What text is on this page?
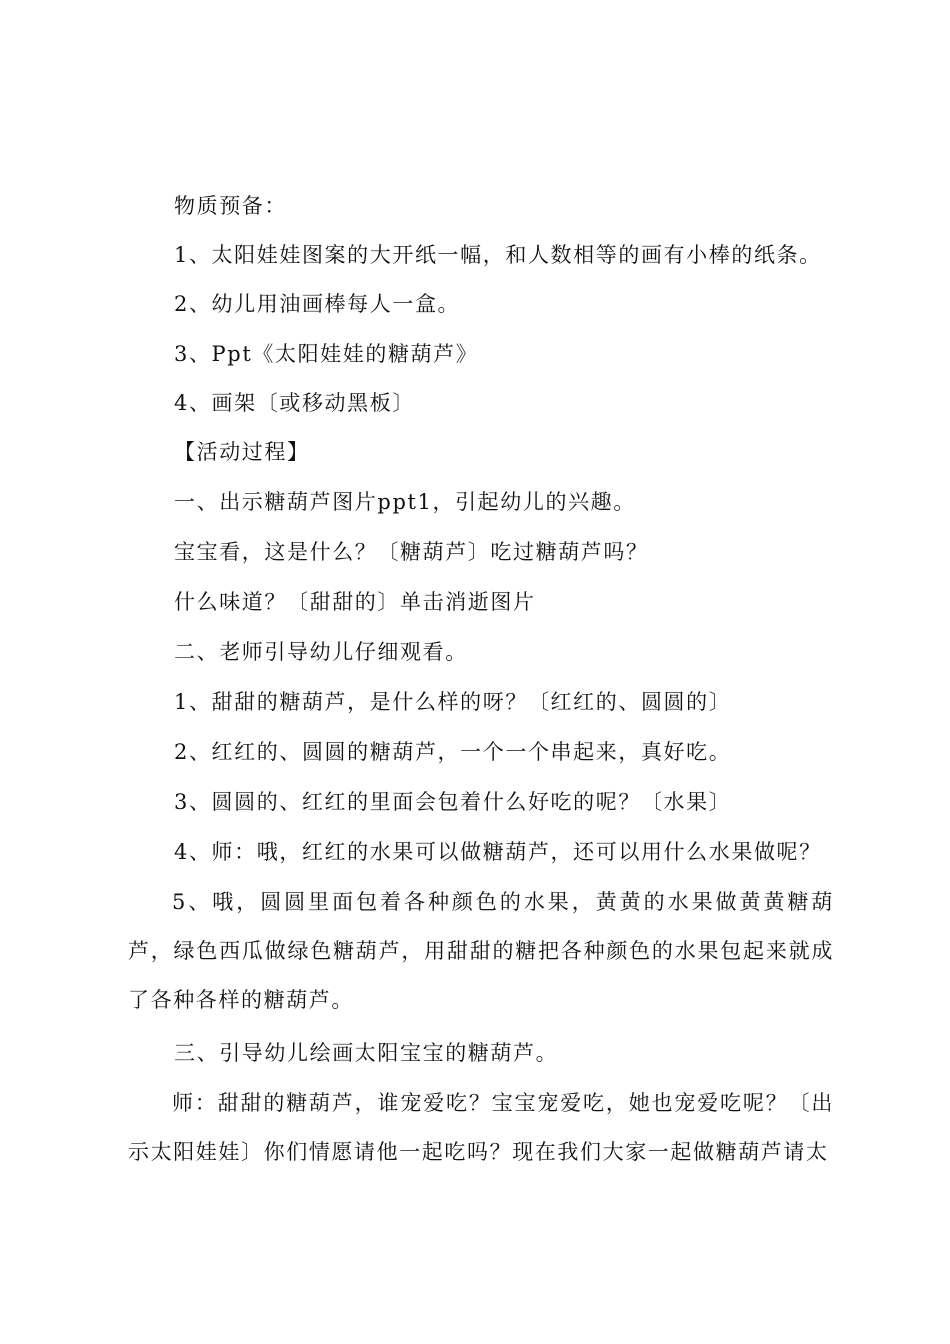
物质预备：
1、太阳娃娃图案的大开纸一幅，和人数相等的画有小棒的纸条。
2、幼儿用油画棒每人一盒。
3、Ppt《太阳娃娃的糖葫芦》
4、画架〔或移动黑板〕
【活动过程】
一、出示糖葫芦图片ppt1，引起幼儿的兴趣。
宝宝看，这是什么？〔糖葫芦〕吃过糖葫芦吗？
什么味道？〔甜甜的〕单击消逝图片
二、老师引导幼儿仔细观看。
1、甜甜的糖葫芦，是什么样的呀？〔红红的、圆圆的〕
2、红红的、圆圆的糖葫芦，一个一个串起来，真好吃。
3、圆圆的、红红的里面会包着什么好吃的呢？〔水果〕
4、师：哦，红红的水果可以做糖葫芦，还可以用什么水果做呢？
5、哦，圆圆里面包着各种颜色的水果，黄黄的水果做黄黄糖葫芦，绿色西瓜做绿色糖葫芦，用甜甜的糖把各种颜色的水果包起来就成了各种各样的糖葫芦。
三、引导幼儿绘画太阳宝宝的糖葫芦。
师：甜甜的糖葫芦，谁宠爱吃？宝宝宠爱吃，她也宠爱吃呢？〔出示太阳娃娃〕你们情愿请他一起吃吗？现在我们大家一起做糖葫芦请太
